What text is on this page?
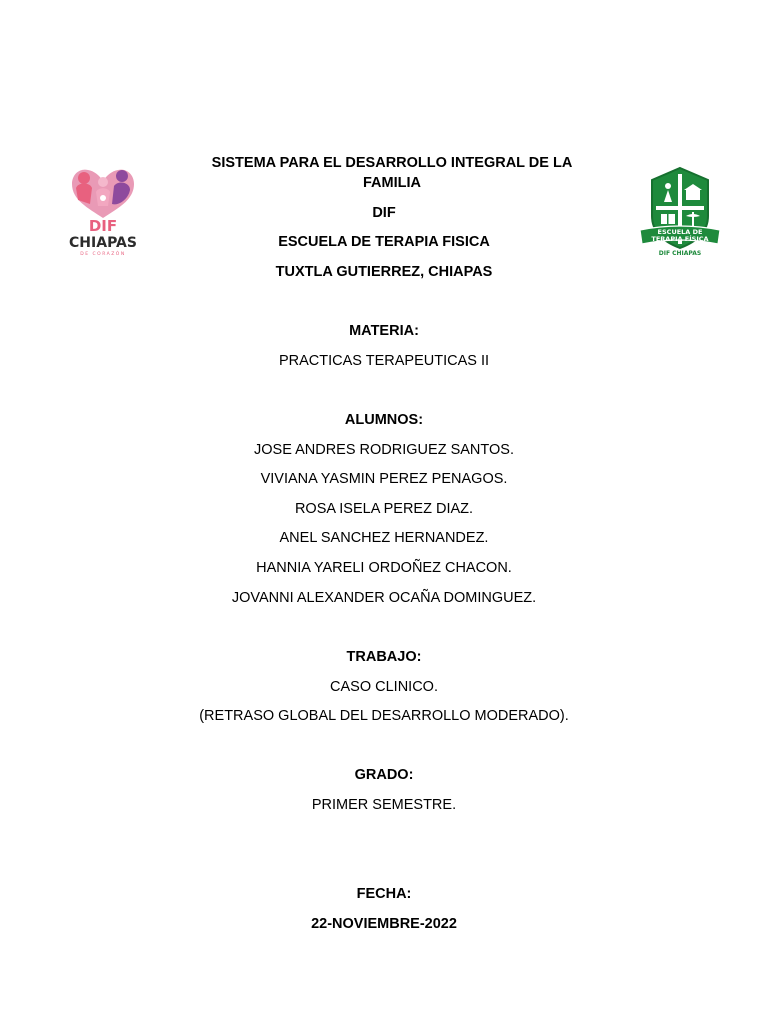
DIF
CHIAPAS
DE CORAZÓN
SISTEMA PARA EL DESARROLLO INTEGRAL DE LA FAMILIA
DIF
ESCUELA DE TERAPIA FISICA
TUXTLA GUTIERREZ, CHIAPAS
ESCUELA DE
TERAPIA FÍSICA
DIF CHIAPAS
MATERIA:
PRACTICAS TERAPEUTICAS II
ALUMNOS:
JOSE ANDRES RODRIGUEZ SANTOS.
VIVIANA YASMIN PEREZ PENAGOS.
ROSA ISELA PEREZ DIAZ.
ANEL SANCHEZ HERNANDEZ.
HANNIA YARELI ORDOÑEZ CHACON.
JOVANNI ALEXANDER OCAÑA DOMINGUEZ.
TRABAJO:
CASO CLINICO.
(RETRASO GLOBAL DEL DESARROLLO MODERADO).
GRADO:
PRIMER SEMESTRE.
FECHA:
22-NOVIEMBRE-2022
